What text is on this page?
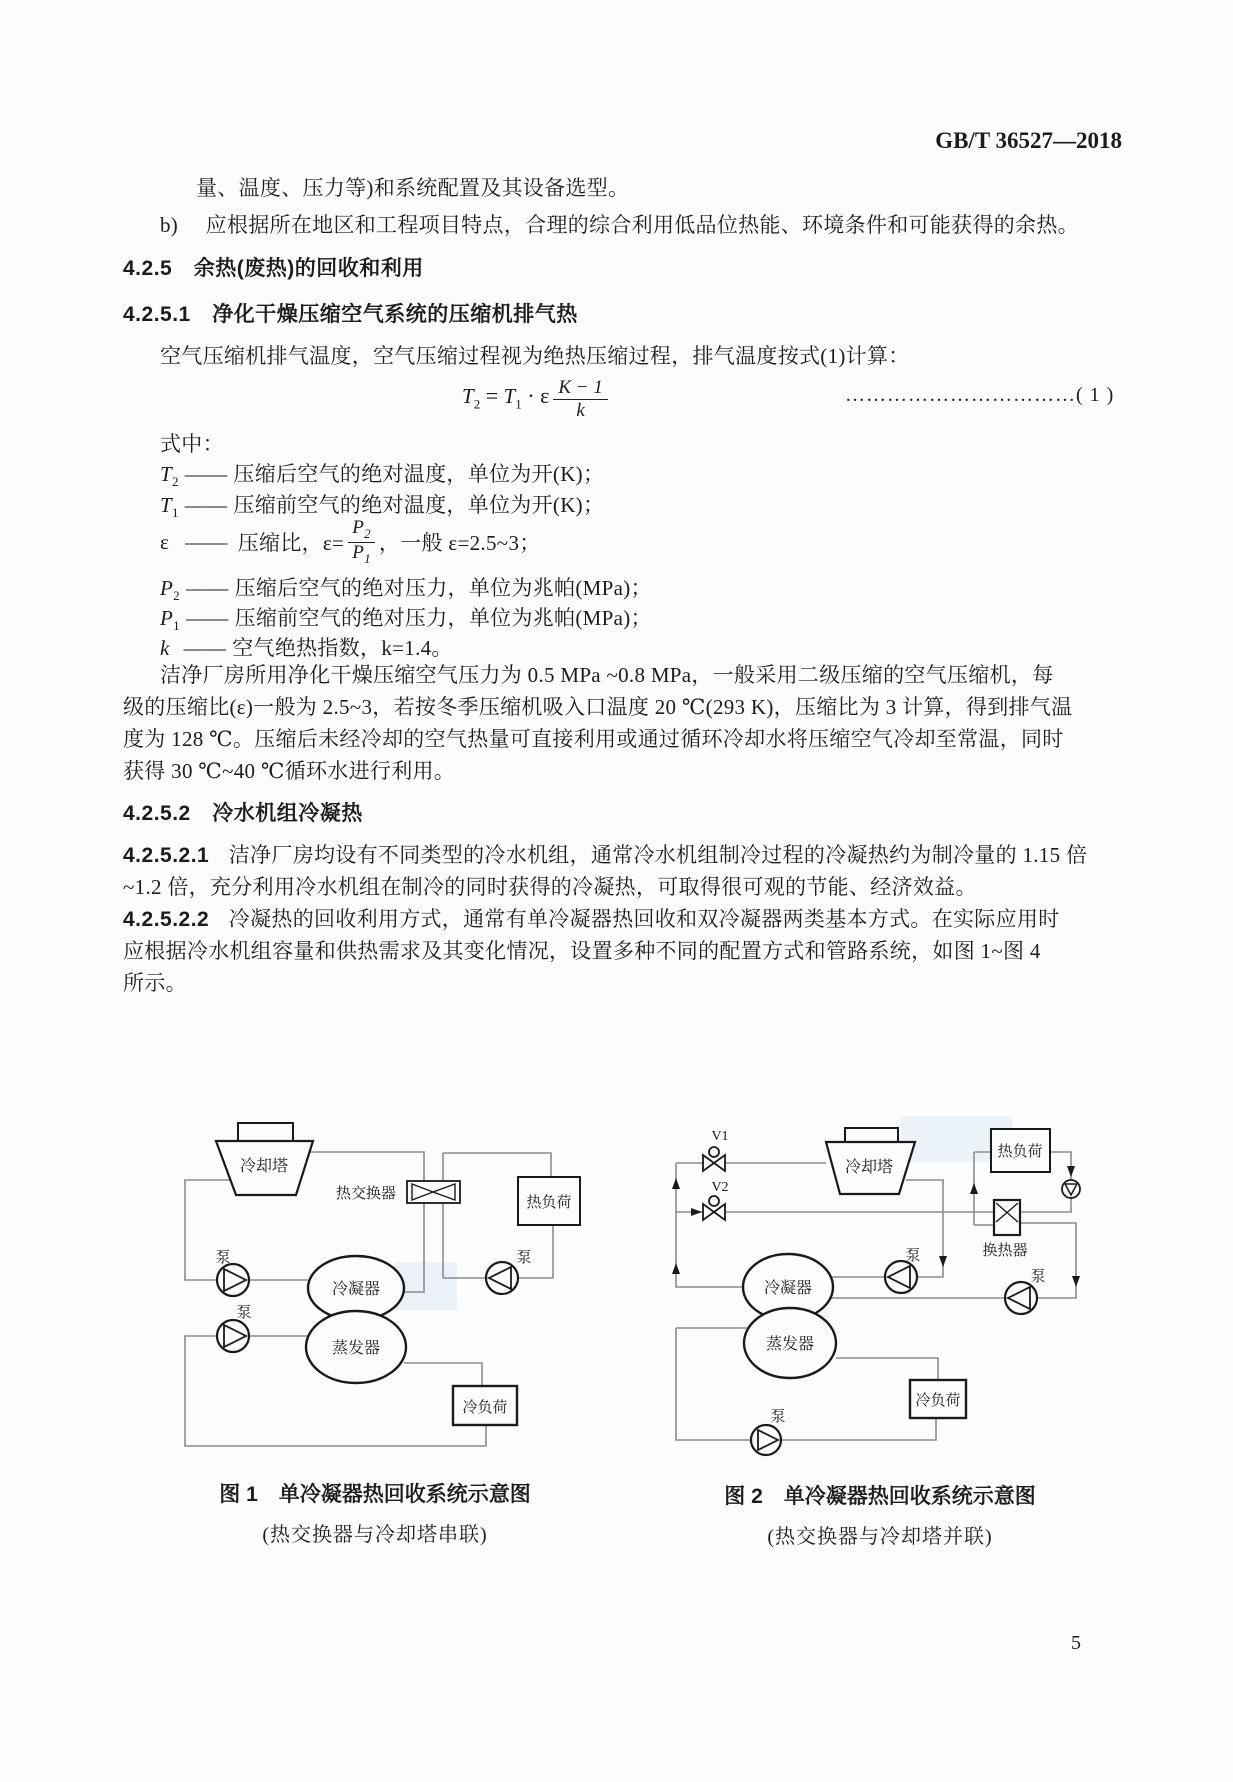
GB/T 36527—2018
量、温度、压力等)和系统配置及其设备选型。
b) 应根据所在地区和工程项目特点，合理的综合利用低品位热能、环境条件和可能获得的余热。
4.2.5　余热(废热)的回收和利用
4.2.5.1　净化干燥压缩空气系统的压缩机排气热
空气压缩机排气温度，空气压缩过程视为绝热压缩过程，排气温度按式(1)计算：
$T_2 = T_1 \cdot \varepsilon \frac{K - 1}{k}$	……………………………( 1 )
式中：
$T_2$ —— 压缩后空气的绝对温度，单位为开(K)；
$T_1$ —— 压缩前空气的绝对温度，单位为开(K)；
ε —— 压缩比，$\varepsilon= \frac{P_2}{P_1}$ ，一般 ε=2.5~3；
$P_2$ —— 压缩后空气的绝对压力，单位为兆帕(MPa)；
$P_1$ —— 压缩前空气的绝对压力，单位为兆帕(MPa)；
k —— 空气绝热指数，k=1.4。
洁净厂房所用净化干燥压缩空气压力为 0.5 MPa ~0.8 MPa，一般采用二级压缩的空气压缩机，每
级的压缩比(ε)一般为 2.5~3，若按冬季压缩机吸入口温度 20 ℃(293 K)，压缩比为 3 计算，得到排气温
度为 128 ℃。压缩后未经冷却的空气热量可直接利用或通过循环冷却水将压缩空气冷却至常温，同时
获得 30 ℃~40 ℃循环水进行利用。
4.2.5.2　冷水机组冷凝热
4.2.5.2.1 洁净厂房均设有不同类型的冷水机组，通常冷水机组制冷过程的冷凝热约为制冷量的 1.15 倍
~1.2 倍，充分利用冷水机组在制冷的同时获得的冷凝热，可取得很可观的节能、经济效益。
4.2.5.2.2 冷凝热的回收利用方式，通常有单冷凝器热回收和双冷凝器两类基本方式。在实际应用时
应根据冷水机组容量和供热需求及其变化情况，设置多种不同的配置方式和管路系统，如图 1~图 4
所示。
冷却塔
热交换器
热负荷
冷凝器
蒸发器
泵
泵
泵
冷负荷
V1
V2
冷却塔
热负荷
换热器
冷凝器
蒸发器
泵
泵
泵
冷负荷
图 1　单冷凝器热回收系统示意图
(热交换器与冷却塔串联)
图 2　单冷凝器热回收系统示意图
(热交换器与冷却塔并联)
5
